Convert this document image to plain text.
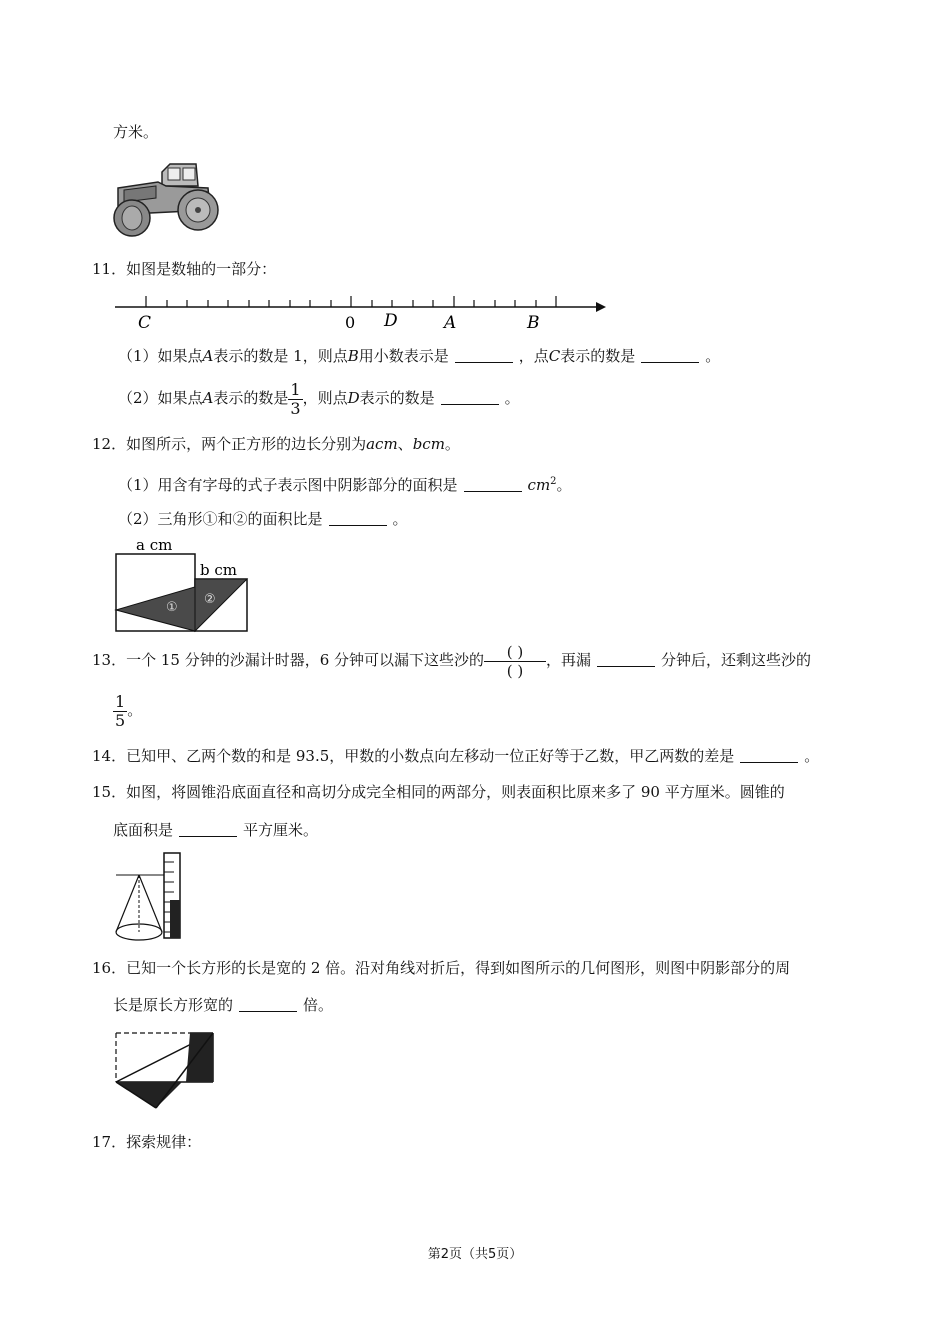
方米。
11．如图是数轴的一部分：
C	0 D	A	B
（1）如果点A表示的数是 1，则点B用小数表示是	，点C表示的数是	。
（2）如果点A表示的数是 $\frac{1}{3}$ ，则点D表示的数是	。
12．如图所示，两个正方形的边长分别为acm、bcm。
（1）用含有字母的式子表示图中阴影部分的面积是	$cm^2$。
（2）三角形①和②的面积比是	。
a cm
b cm
①
②
13．一个 15 分钟的沙漏计时器，6 分钟可以漏下这些沙的 $\frac{( )}{( )}$ ，再漏	分钟后，还剩这些沙的
$\frac{1}{5}$ 。
14．已知甲、乙两个数的和是 93.5，甲数的小数点向左移动一位正好等于乙数，甲乙两数的差是	。
15．如图，将圆锥沿底面直径和高切分成完全相同的两部分，则表面积比原来多了 90 平方厘米。圆锥的
底面积是	平方厘米。
16．已知一个长方形的长是宽的 2 倍。沿对角线对折后，得到如图所示的几何图形，则图中阴影部分的周
长是原长方形宽的	倍。
17．探索规律：
第2页（共5页）
